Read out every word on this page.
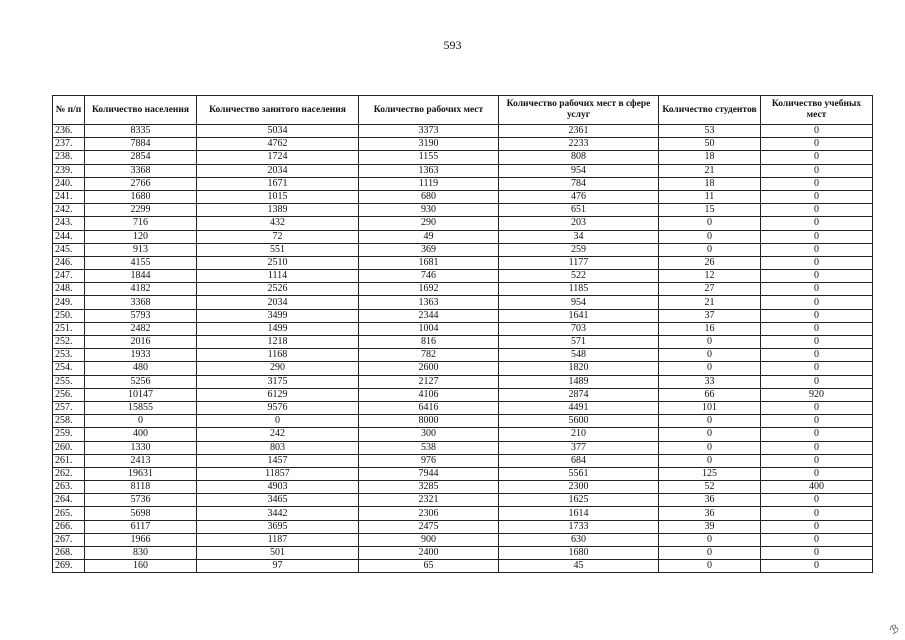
593
№ п/п	Количество населения	Количество занятого населения	Количество рабочих мест	Количество рабочих мест в сфере услуг	Количество студентов	Количество учебных мест
236.	8335	5034	3373	2361	53	0
237.	7884	4762	3190	2233	50	0
238.	2854	1724	1155	808	18	0
239.	3368	2034	1363	954	21	0
240.	2766	1671	1119	784	18	0
241.	1680	1015	680	476	11	0
242.	2299	1389	930	651	15	0
243.	716	432	290	203	0	0
244.	120	72	49	34	0	0
245.	913	551	369	259	0	0
246.	4155	2510	1681	1177	26	0
247.	1844	1114	746	522	12	0
248.	4182	2526	1692	1185	27	0
249.	3368	2034	1363	954	21	0
250.	5793	3499	2344	1641	37	0
251.	2482	1499	1004	703	16	0
252.	2016	1218	816	571	0	0
253.	1933	1168	782	548	0	0
254.	480	290	2600	1820	0	0
255.	5256	3175	2127	1489	33	0
256.	10147	6129	4106	2874	66	920
257.	15855	9576	6416	4491	101	0
258.	0	0	8000	5600	0	0
259.	400	242	300	210	0	0
260.	1330	803	538	377	0	0
261.	2413	1457	976	684	0	0
262.	19631	11857	7944	5561	125	0
263.	8118	4903	3285	2300	52	400
264.	5736	3465	2321	1625	36	0
265.	5698	3442	2306	1614	36	0
266.	6117	3695	2475	1733	39	0
267.	1966	1187	900	630	0	0
268.	830	501	2400	1680	0	0
269.	160	97	65	45	0	0
ℬ
